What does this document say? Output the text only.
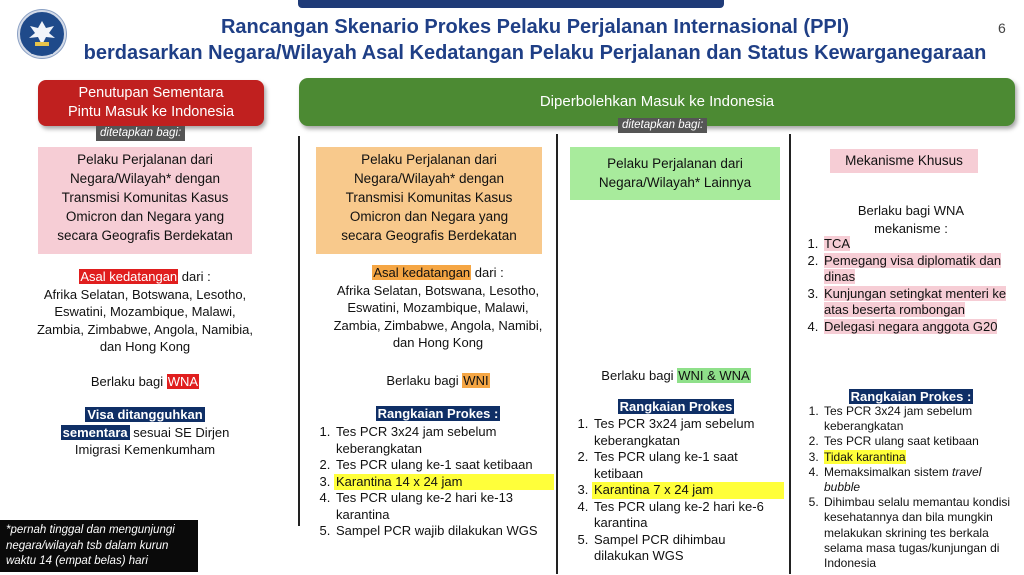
COVID-19
Rancangan Skenario Prokes Pelaku Perjalanan Internasional (PPI)
berdasarkan Negara/Wilayah Asal Kedatangan Pelaku Perjalanan dan Status Kewarganegaraan
6
Penutupan Sementara
Pintu Masuk ke Indonesia
Diperbolehkan Masuk ke Indonesia
ditetapkan bagi:
ditetapkan bagi:
Pelaku Perjalanan dari
Negara/Wilayah* dengan
Transmisi Komunitas Kasus
Omicron dan Negara yang
secara Geografis Berdekatan
Asal kedatangan dari :
Afrika Selatan, Botswana, Lesotho,
Eswatini, Mozambique, Malawi,
Zambia, Zimbabwe, Angola, Namibia,
dan Hong Kong
Berlaku bagi WNA
Visa ditangguhkan
sementara sesuai SE Dirjen
Imigrasi Kemenkumham
Pelaku Perjalanan dari
Negara/Wilayah* dengan
Transmisi Komunitas Kasus
Omicron dan Negara yang
secara Geografis Berdekatan
Asal kedatangan dari :
Afrika Selatan, Botswana, Lesotho,
Eswatini, Mozambique, Malawi,
Zambia, Zimbabwe, Angola, Namibi,
dan Hong Kong
Berlaku bagi WNI
Rangkaian Prokes :
1. Tes PCR 3x24 jam sebelum keberangkatan
2. Tes PCR ulang ke-1 saat ketibaan
3. Karantina 14 x 24 jam
4. Tes PCR ulang ke-2 hari ke-13 karantina
5. Sampel PCR wajib dilakukan WGS
Pelaku Perjalanan dari
Negara/Wilayah* Lainnya
Berlaku bagi WNI & WNA
Rangkaian Prokes
1. Tes PCR 3x24 jam sebelum keberangkatan
2. Tes PCR ulang ke-1 saat ketibaan
3. Karantina 7 x 24 jam
4. Tes PCR ulang ke-2 hari ke-6 karantina
5. Sampel PCR dihimbau dilakukan WGS
Mekanisme Khusus
Berlaku bagi WNA
mekanisme :
1. TCA
2. Pemegang visa diplomatik dan dinas
3. Kunjungan setingkat menteri ke atas beserta rombongan
4. Delegasi negara anggota G20
Rangkaian Prokes :
1. Tes PCR 3x24 jam sebelum keberangkatan
2. Tes PCR ulang saat ketibaan
3. Tidak karantina
4. Memaksimalkan sistem travel bubble
5. Dihimbau selalu memantau kondisi kesehatannya dan bila mungkin melakukan skrining tes berkala selama masa tugas/kunjungan di Indonesia
*pernah tinggal dan mengunjungi negara/wilayah tsb dalam kurun waktu 14 (empat belas) hari
